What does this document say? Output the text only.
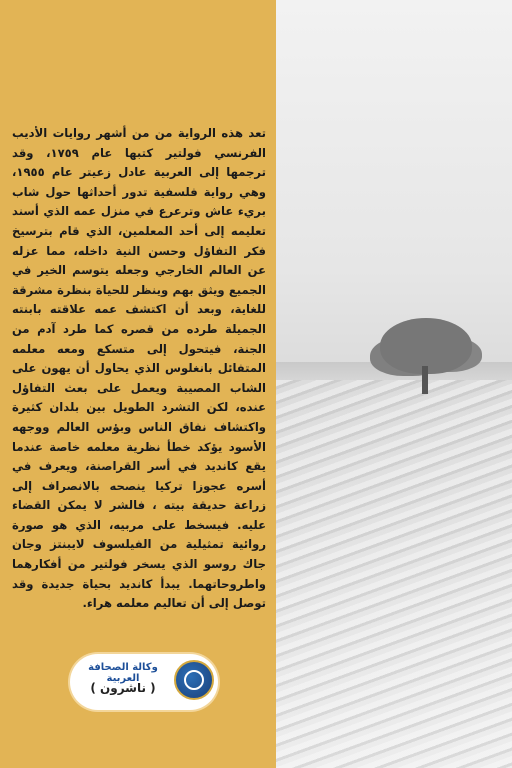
تعد هذه الرواية من من أشهر روايات الأديب الفرنسي فولتير كتبها عام ١٧٥٩، وقد ترجمها إلى العربية عادل زعيتر عام ١٩٥٥، وهي رواية فلسفية تدور أحداثها حول شاب بريء عاش وترعرع في منزل عمه الذي أسند تعليمه إلى أحد المعلمين، الذي قام بترسيخ فكر التفاؤل وحسن النية داخله، مما عزله عن العالم الخارجي وجعله يتوسم الخير في الجميع ويثق بهم وينظر للحياة بنظرة مشرقة للغاية، وبعد أن اكتشف عمه علاقته بابنته الجميلة طرده من قصره كما طرد آدم من الجنة، فيتحول إلى متسكع ومعه معلمه المتفائل بانغلوس الذي يحاول أن يهون على الشاب المصيبة ويعمل على بعث التفاؤل عنده، لكن التشرد الطويل بين بلدان كثيرة واكتشاف نفاق الناس وبؤس العالم ووجهه الأسود يؤكد خطأ نظرية معلمه خاصة عندما يقع كانديد في أسر القراصنة، ويعرف في أسره عجوزا تركيا ينصحه بالانصراف إلى زراعة حديقة بيته ، فالشر لا يمكن القضاء عليه. فيسخط على مربيه، الذي هو صورة روائية تمثيلية من الفيلسوف لايبنتز وجان جاك روسو الذي يسخر فولتير من أفكارهما واطروحاتهما. يبدأ كانديد بحياة جديدة وقد توصل إلى أن تعاليم معلمه هراء.

وكالة الصحافة العربية
( ناشرون )
